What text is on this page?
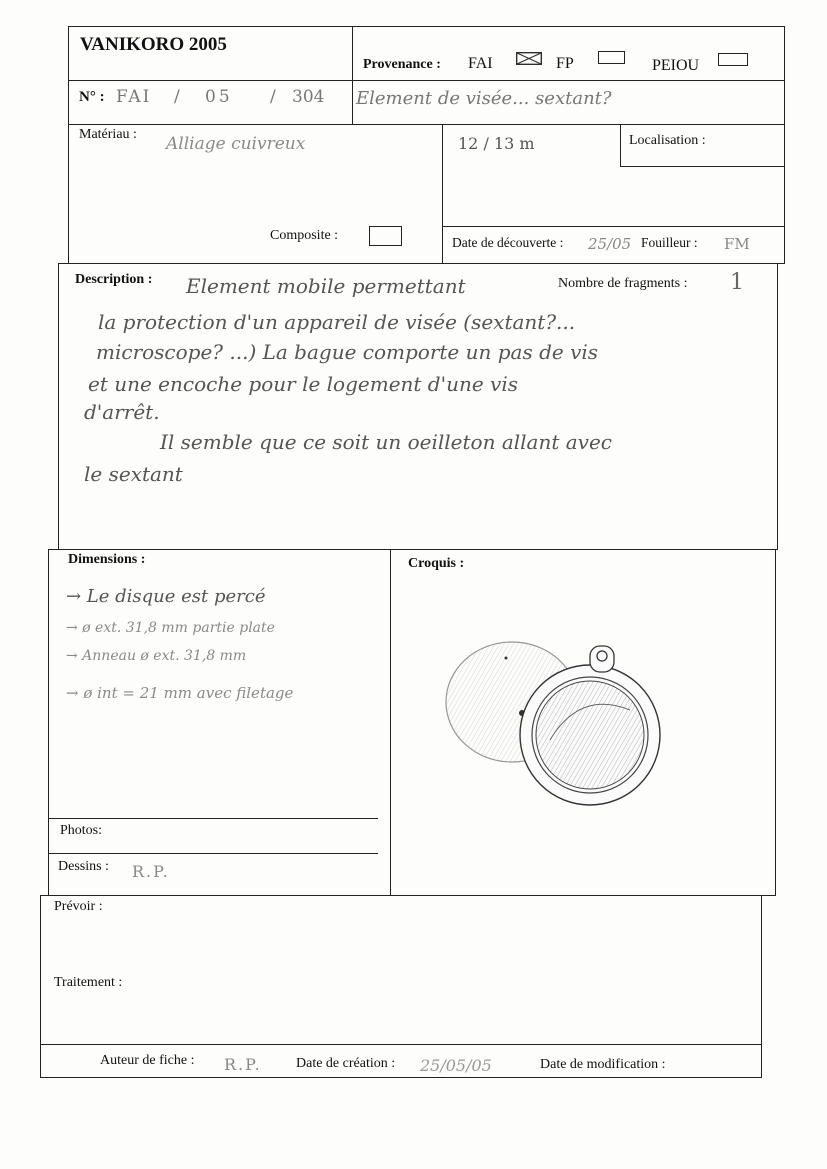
VANIKORO 2005
Provenance : FAI	FP	PEIOU
N° : FAI / 05 / 304 Element de visée... sextant?
Matériau : Alliage cuivreux	12 / 13 m	Localisation :
Composite :	Date de découverte : 25/05 Fouilleur : FM
Description :	Nombre de fragments : 1
Element mobile permettant
la protection d'un appareil de visée (sextant?...
microscope? ...) La bague comporte un pas de vis
et une encoche pour le logement d'une vis
d'arrêt.
Il semble que ce soit un oeilleton allant avec
le sextant
Dimensions :
→ Le disque est percé
→ ø ext. 31,8 mm partie plate
→ Anneau ø ext. 31,8 mm
→ ø int = 21 mm avec filetage
Croquis :
Photos:
Dessins : R.P.
Prévoir :
Traitement :
Auteur de fiche : R.P. Date de création : 25/05/05	Date de modification :
